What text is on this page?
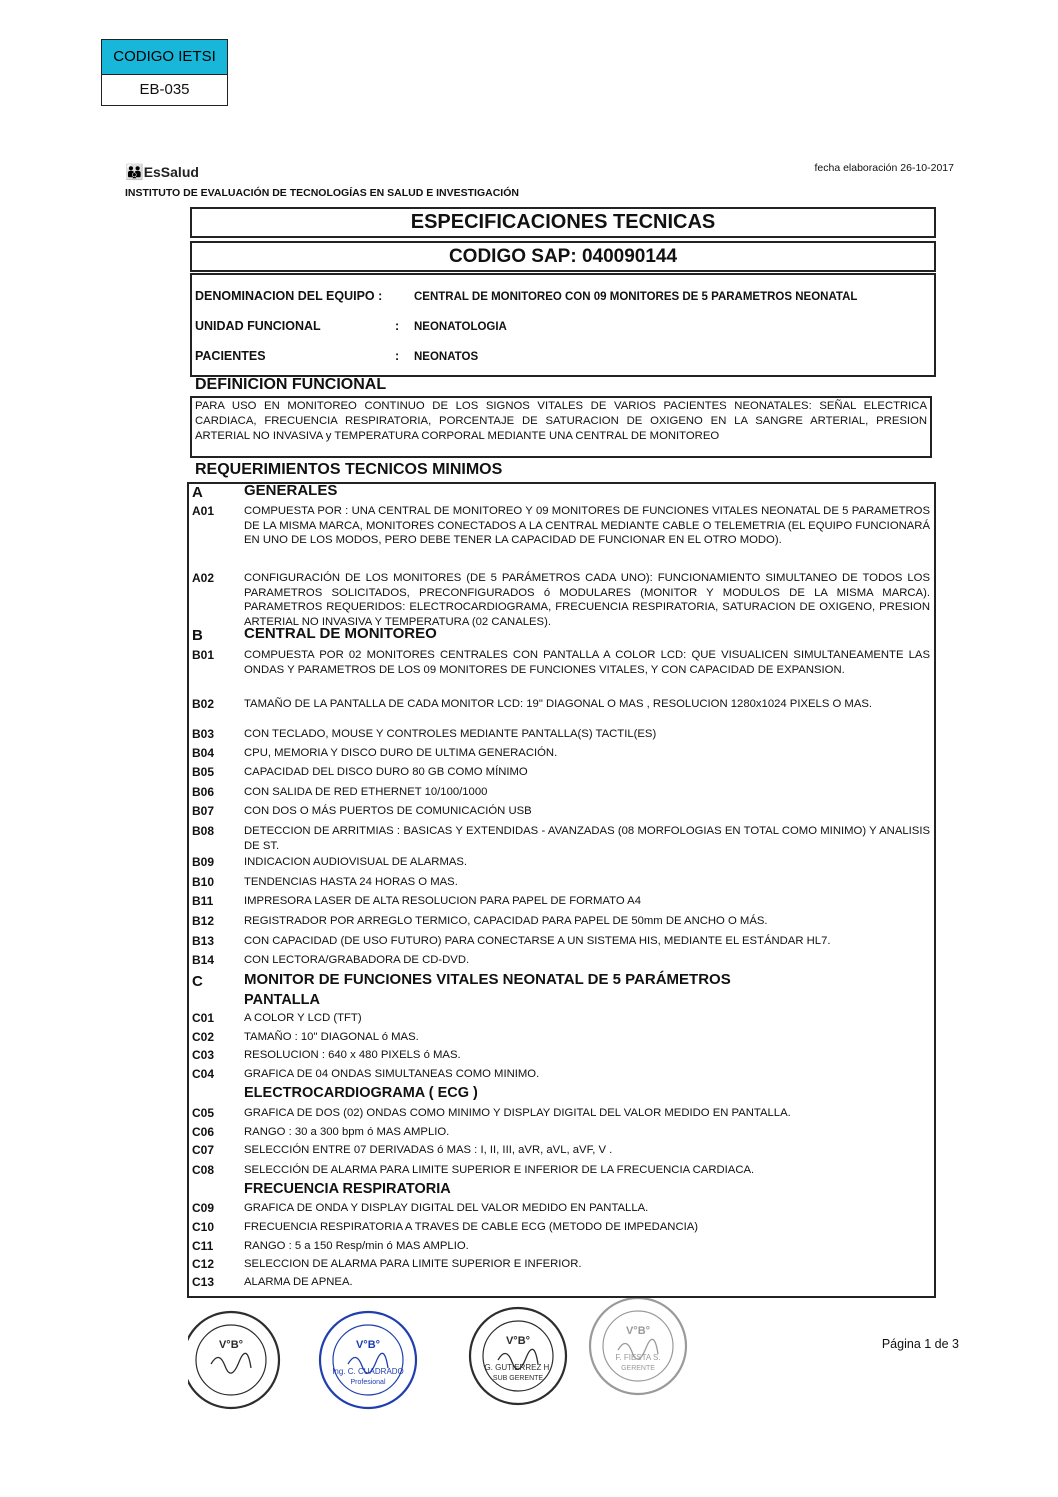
CODIGO IETSI
EB-035
👪 EsSalud
INSTITUTO DE EVALUACIÓN DE TECNOLOGÍAS EN SALUD E INVESTIGACIÓN
fecha elaboración 26-10-2017
ESPECIFICACIONES TECNICAS
CODIGO SAP: 040090144
DENOMINACION DEL EQUIPO :	CENTRAL DE MONITOREO CON 09 MONITORES DE 5 PARAMETROS NEONATAL
UNIDAD FUNCIONAL	: NEONATOLOGIA
PACIENTES	: NEONATOS
DEFINICION FUNCIONAL
PARA USO EN MONITOREO CONTINUO DE LOS SIGNOS VITALES DE VARIOS PACIENTES NEONATALES: SEÑAL ELECTRICA CARDIACA, FRECUENCIA RESPIRATORIA, PORCENTAJE DE SATURACION DE OXIGENO EN LA SANGRE ARTERIAL, PRESION ARTERIAL NO INVASIVA y TEMPERATURA CORPORAL MEDIANTE UNA CENTRAL DE MONITOREO
REQUERIMIENTOS TECNICOS MINIMOS
A	GENERALES
A01	COMPUESTA POR : UNA CENTRAL DE MONITOREO Y 09 MONITORES DE FUNCIONES VITALES NEONATAL DE 5 PARAMETROS DE LA MISMA MARCA, MONITORES CONECTADOS A LA CENTRAL MEDIANTE CABLE O TELEMETRIA (EL EQUIPO FUNCIONARÁ EN UNO DE LOS MODOS, PERO DEBE TENER LA CAPACIDAD DE FUNCIONAR EN EL OTRO MODO).
A02	CONFIGURACIÓN DE LOS MONITORES (DE 5 PARÁMETROS CADA UNO): FUNCIONAMIENTO SIMULTANEO DE TODOS LOS PARAMETROS SOLICITADOS, PRECONFIGURADOS ó MODULARES (MONITOR Y MODULOS DE LA MISMA MARCA). PARAMETROS REQUERIDOS: ELECTROCARDIOGRAMA, FRECUENCIA RESPIRATORIA, SATURACION DE OXIGENO, PRESION ARTERIAL NO INVASIVA Y TEMPERATURA (02 CANALES).
B	CENTRAL DE MONITOREO
B01	COMPUESTA POR 02 MONITORES CENTRALES CON PANTALLA A COLOR LCD: QUE VISUALICEN SIMULTANEAMENTE LAS ONDAS Y PARAMETROS DE LOS 09 MONITORES DE FUNCIONES VITALES, Y CON CAPACIDAD DE EXPANSION.
B02	TAMAÑO DE LA PANTALLA DE CADA MONITOR LCD: 19" DIAGONAL O MAS , RESOLUCION 1280x1024 PIXELS O MAS.
B03	CON TECLADO, MOUSE Y CONTROLES MEDIANTE PANTALLA(S) TACTIL(ES)
B04	CPU, MEMORIA Y DISCO DURO DE ULTIMA GENERACIÓN.
B05	CAPACIDAD DEL DISCO DURO 80 GB COMO MÍNIMO
B06	CON SALIDA DE RED ETHERNET 10/100/1000
B07	CON DOS O MÁS PUERTOS DE COMUNICACIÓN USB
B08	DETECCION DE ARRITMIAS : BASICAS Y EXTENDIDAS - AVANZADAS (08 MORFOLOGIAS EN TOTAL COMO MINIMO) Y ANALISIS DE ST.
B09	INDICACION AUDIOVISUAL DE ALARMAS.
B10	TENDENCIAS HASTA 24 HORAS O MAS.
B11	IMPRESORA LASER DE ALTA RESOLUCION PARA PAPEL DE FORMATO A4
B12	REGISTRADOR POR ARREGLO TERMICO, CAPACIDAD PARA PAPEL DE 50mm DE ANCHO O MÁS.
B13	CON CAPACIDAD (DE USO FUTURO) PARA CONECTARSE A UN SISTEMA HIS, MEDIANTE EL ESTÁNDAR HL7.
B14	CON LECTORA/GRABADORA DE CD-DVD.
C	MONITOR DE FUNCIONES VITALES NEONATAL DE 5 PARÁMETROS
PANTALLA
C01	A COLOR Y LCD (TFT)
C02	TAMAÑO : 10" DIAGONAL ó MAS.
C03	RESOLUCION : 640 x 480 PIXELS ó MAS.
C04	GRAFICA DE 04 ONDAS SIMULTANEAS COMO MINIMO.
ELECTROCARDIOGRAMA ( ECG )
C05	GRAFICA DE DOS (02) ONDAS COMO MINIMO Y DISPLAY DIGITAL DEL VALOR MEDIDO EN PANTALLA.
C06	RANGO : 30 a 300 bpm ó MAS AMPLIO.
C07	SELECCIÓN ENTRE 07 DERIVADAS ó MAS : I, II, III, aVR, aVL, aVF, V .
C08	SELECCIÓN DE ALARMA PARA LIMITE SUPERIOR E INFERIOR DE LA FRECUENCIA CARDIACA.
FRECUENCIA RESPIRATORIA
C09	GRAFICA DE ONDA Y DISPLAY DIGITAL DEL VALOR MEDIDO EN PANTALLA.
C10	FRECUENCIA RESPIRATORIA A TRAVES DE CABLE ECG (METODO DE IMPEDANCIA)
C11	RANGO : 5 a 150 Resp/min ó MAS AMPLIO.
C12	SELECCION DE ALARMA PARA LIMITE SUPERIOR E INFERIOR.
C13	ALARMA DE APNEA.
V°B°	V°B°
Ing. C. CUADRADO
Profesional
V°B°
G. GUTIERREZ H.
SUB GERENTE
V°B°
F. FIESTA S.
GERENTE
Página 1 de 3
